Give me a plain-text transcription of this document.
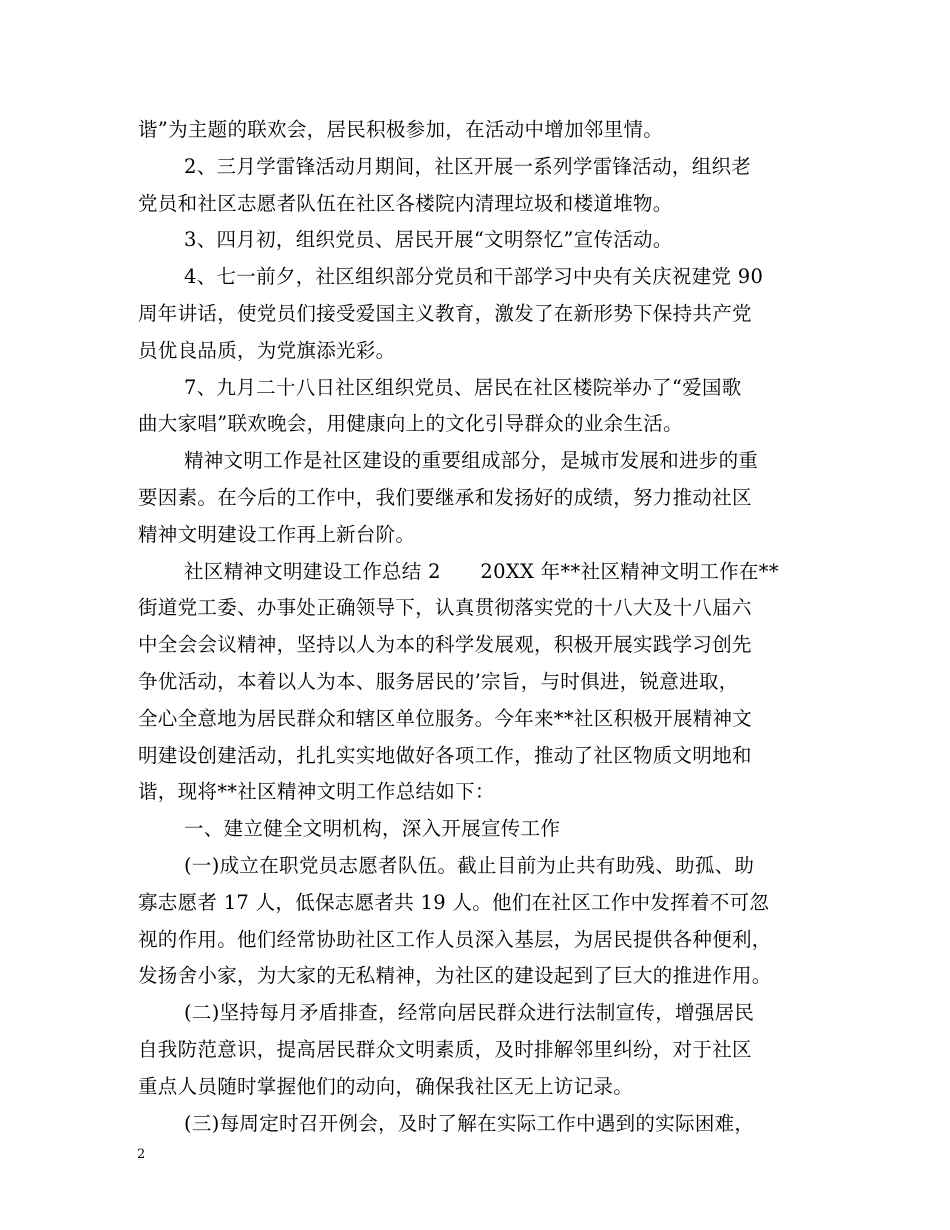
谐”为主题的联欢会，居民积极参加，在活动中增加邻里情。
2、三月学雷锋活动月期间，社区开展一系列学雷锋活动，组织老
党员和社区志愿者队伍在社区各楼院内清理垃圾和楼道堆物。
3、四月初，组织党员、居民开展“文明祭忆”宣传活动。
4、七一前夕，社区组织部分党员和干部学习中央有关庆祝建党 90
周年讲话，使党员们接受爱国主义教育，激发了在新形势下保持共产党
员优良品质，为党旗添光彩。
7、九月二十八日社区组织党员、居民在社区楼院举办了“爱国歌
曲大家唱”联欢晚会，用健康向上的文化引导群众的业余生活。
精神文明工作是社区建设的重要组成部分，是城市发展和进步的重
要因素。在今后的工作中，我们要继承和发扬好的成绩，努力推动社区
精神文明建设工作再上新台阶。
社区精神文明建设工作总结 2　　20XX 年**社区精神文明工作在**
街道党工委、办事处正确领导下，认真贯彻落实党的十八大及十八届六
中全会会议精神，坚持以人为本的科学发展观，积极开展实践学习创先
争优活动，本着以人为本、服务居民的’宗旨，与时俱进，锐意进取，
全心全意地为居民群众和辖区单位服务。今年来**社区积极开展精神文
明建设创建活动，扎扎实实地做好各项工作，推动了社区物质文明地和
谐，现将**社区精神文明工作总结如下：
一、建立健全文明机构，深入开展宣传工作
(一)成立在职党员志愿者队伍。截止目前为止共有助残、助孤、助
寡志愿者 17 人，低保志愿者共 19 人。他们在社区工作中发挥着不可忽
视的作用。他们经常协助社区工作人员深入基层，为居民提供各种便利，
发扬舍小家，为大家的无私精神，为社区的建设起到了巨大的推进作用。
(二)坚持每月矛盾排查，经常向居民群众进行法制宣传，增强居民
自我防范意识，提高居民群众文明素质，及时排解邻里纠纷，对于社区
重点人员随时掌握他们的动向，确保我社区无上访记录。
(三)每周定时召开例会，及时了解在实际工作中遇到的实际困难，
2
